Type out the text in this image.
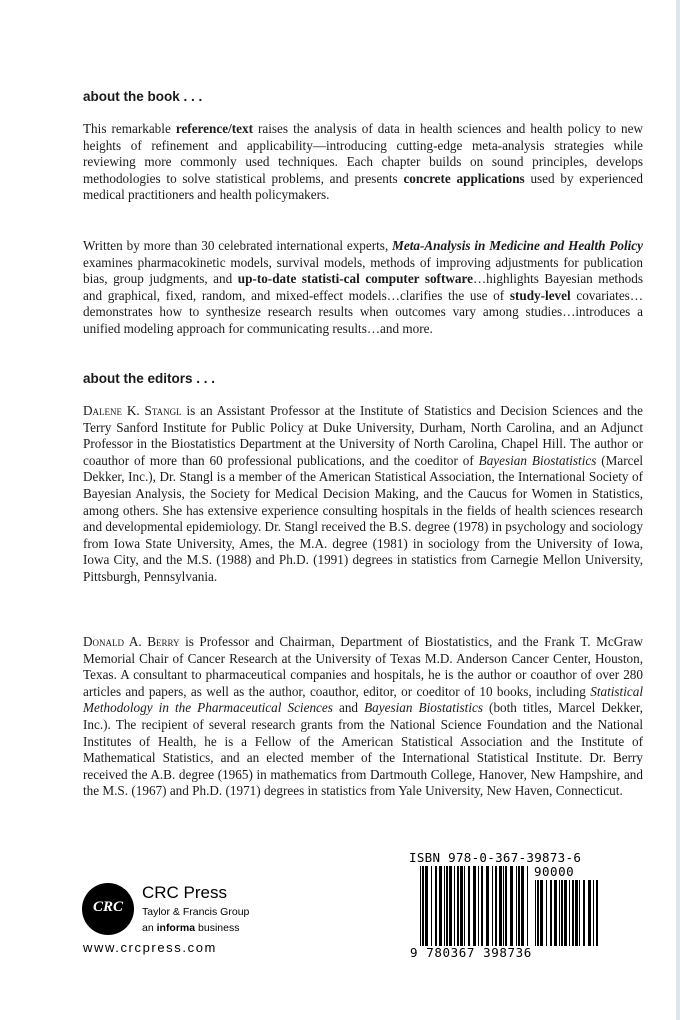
about the book . . .

This remarkable reference/text raises the analysis of data in health sciences and health policy to new heights of refinement and applicability—introducing cutting-edge meta-analysis strategies while reviewing more commonly used techniques. Each chapter builds on sound principles, develops methodologies to solve statistical problems, and presents concrete applications used by experienced medical practitioners and health policymakers.

Written by more than 30 celebrated international experts, Meta-Analysis in Medicine and Health Policy examines pharmacokinetic models, survival models, methods of improving adjustments for publication bias, group judgments, and up-to-date statisti-cal computer software…highlights Bayesian methods and graphical, fixed, random, and mixed-effect models…clarifies the use of study-level covariates…demonstrates how to synthesize research results when outcomes vary among studies…introduces a unified modeling approach for communicating results…and more.

about the editors . . .

Dalene K. Stangl is an Assistant Professor at the Institute of Statistics and Decision Sciences and the Terry Sanford Institute for Public Policy at Duke University, Durham, North Carolina, and an Adjunct Professor in the Biostatistics Department at the University of North Carolina, Chapel Hill. The author or coauthor of more than 60 professional publications, and the coeditor of Bayesian Biostatistics (Marcel Dekker, Inc.), Dr. Stangl is a member of the American Statistical Association, the International Society of Bayesian Analysis, the Society for Medical Decision Making, and the Caucus for Women in Statistics, among others. She has extensive experience consulting hospitals in the fields of health sciences research and developmental epidemiology. Dr. Stangl received the B.S. degree (1978) in psychology and sociology from Iowa State University, Ames, the M.A. degree (1981) in sociology from the University of Iowa, Iowa City, and the M.S. (1988) and Ph.D. (1991) degrees in statistics from Carnegie Mellon University, Pittsburgh, Pennsylvania.

Donald A. Berry is Professor and Chairman, Department of Biostatistics, and the Frank T. McGraw Memorial Chair of Cancer Research at the University of Texas M.D. Anderson Cancer Center, Houston, Texas. A consultant to pharmaceutical companies and hospitals, he is the author or coauthor of over 280 articles and papers, as well as the author, coauthor, editor, or coeditor of 10 books, including Statistical Methodology in the Pharmaceutical Sciences and Bayesian Biostatistics (both titles, Marcel Dekker, Inc.). The recipient of several research grants from the National Science Foundation and the National Institutes of Health, he is a Fellow of the American Statistical Association and the Institute of Mathematical Statistics, and an elected member of the International Statistical Institute. Dr. Berry received the A.B. degree (1965) in mathematics from Dartmouth College, Hanover, New Hampshire, and the M.S. (1967) and Ph.D. (1971) degrees in statistics from Yale University, New Haven, Connecticut.

CRC
CRC Press
Taylor & Francis Group
an informa business
www.crcpress.com
ISBN 978-0-367-39873-6
90000
9 780367 398736
